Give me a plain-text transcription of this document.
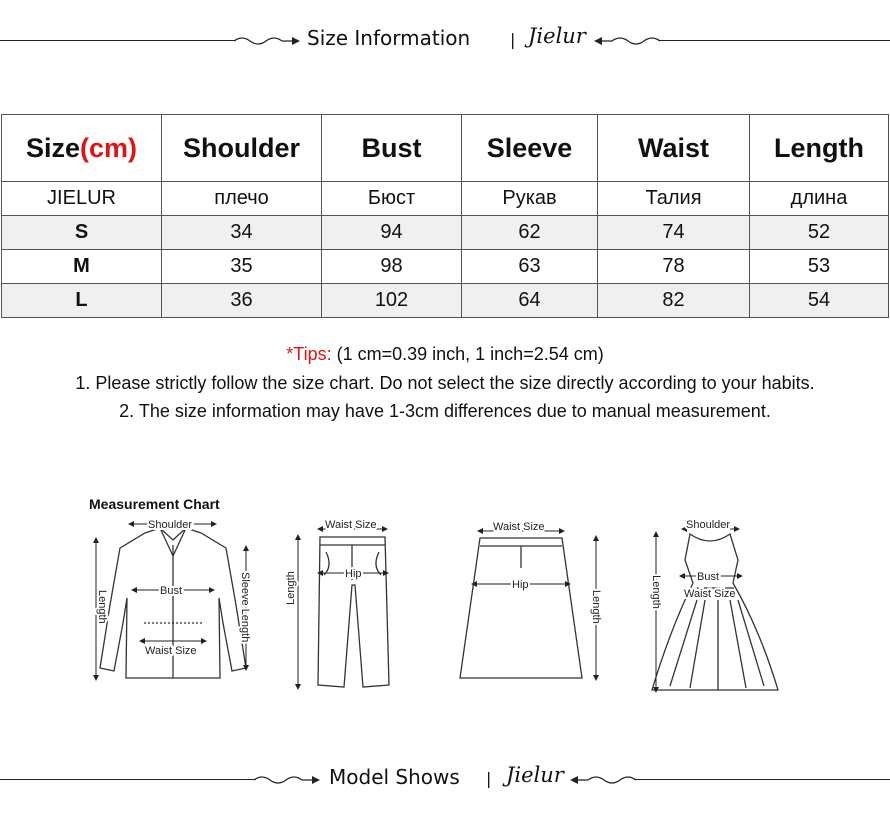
Size Information | Jielur
Size(cm)	Shoulder	Bust	Sleeve	Waist	Length
JIELUR	плечо	Бюст	Рукав	Талия	длина
S	34	94	62	74	52
M	35	98	63	78	53
L	36	102	64	82	54
*Tips: (1 cm=0.39 inch, 1 inch=2.54 cm)
1. Please strictly follow the size chart. Do not select the size directly according to your habits.
2. The size information may have 1-3cm differences due to manual measurement.
Measurement Chart
Shoulder
Bust
Waist Size
Length	Sleeve Length
Waist Size
Hip
Length
Waist Size
Hip
Length
Shoulder
Bust
Waist Size
Length
Model Shows | Jielur
